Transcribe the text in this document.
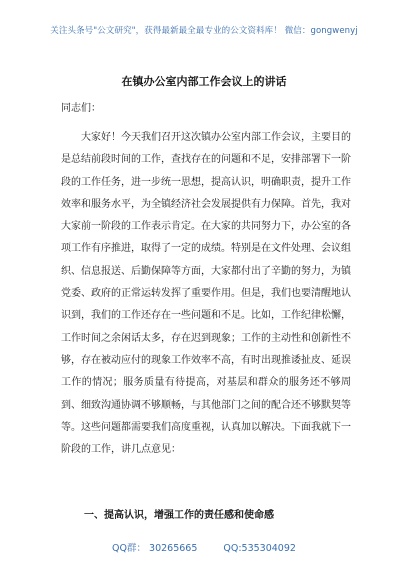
关注头条号"公文研究"，获得最新最全最专业的公文资料库！ 微信：gongwenyj
在镇办公室内部工作会议上的讲话
同志们：

大家好！今天我们召开这次镇办公室内部工作会议，主要目的是总结前段时间的工作，查找存在的问题和不足，安排部署下一阶段的工作任务，进一步统一思想，提高认识，明确职责，提升工作效率和服务水平，为全镇经济社会发展提供有力保障。首先，我对大家前一阶段的工作表示肯定。在大家的共同努力下，办公室的各项工作有序推进，取得了一定的成绩。特别是在文件处理、会议组织、信息报送、后勤保障等方面，大家都付出了辛勤的努力，为镇党委、政府的正常运转发挥了重要作用。但是，我们也要清醒地认识到，我们的工作还存在一些问题和不足。比如，工作纪律松懈，工作时间之余闲话太多，存在迟到现象；工作的主动性和创新性不够，存在被动应付的现象工作效率不高，有时出现推诿扯皮、延误工作的情况；服务质量有待提高，对基层和群众的服务还不够周到、细致沟通协调不够顺畅，与其他部门之间的配合还不够默契等等。这些问题都需要我们高度重视，认真加以解决。下面我就下一阶段的工作，讲几点意见：

一、提高认识，增强工作的责任感和使命感
QQ群： 30265665	QQ:535304092
